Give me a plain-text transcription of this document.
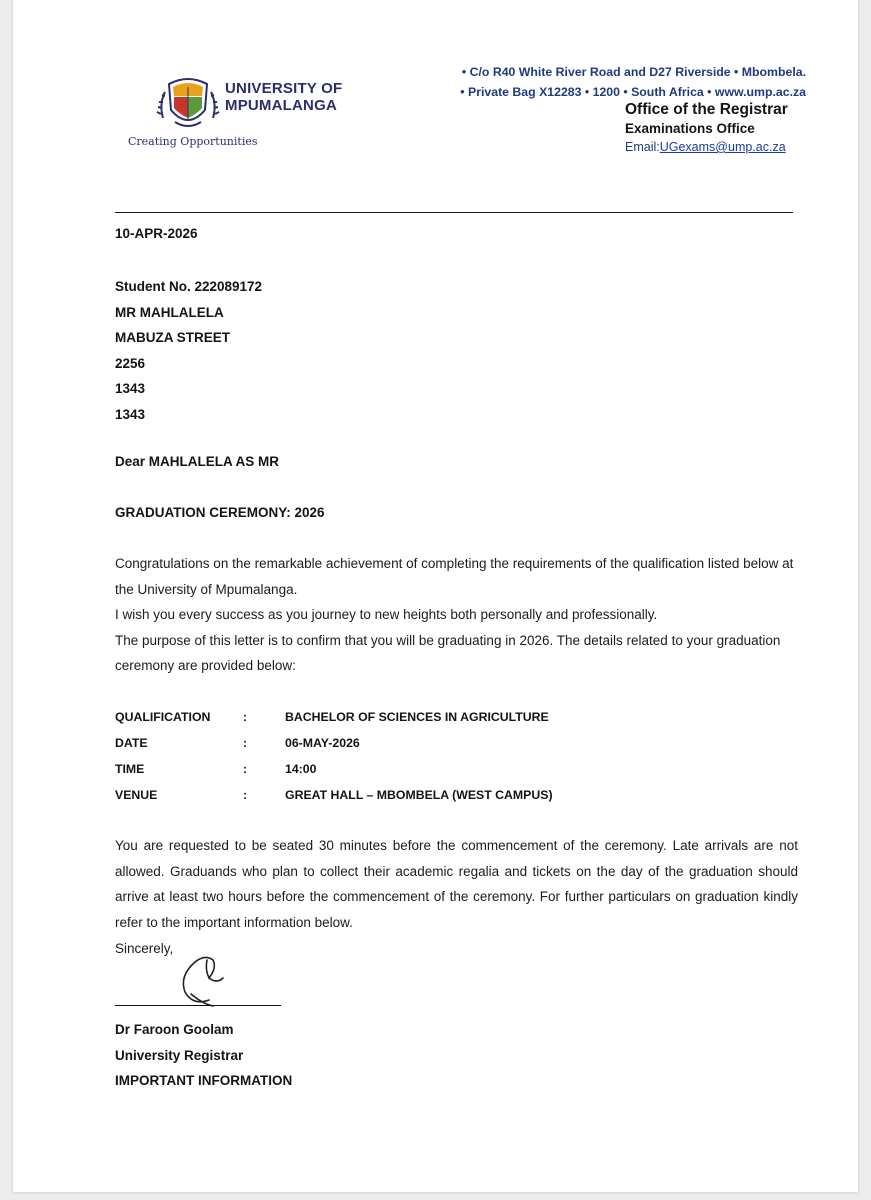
UNIVERSITY OF
MPUMALANGA
Creating Opportunities
• C/o R40 White River Road and D27 Riverside • Mbombela.
• Private Bag X12283 • 1200 • South Africa • www.ump.ac.za
Office of the Registrar
Examinations Office
Email:UGexams@ump.ac.za
10-APR-2026
Student No. 222089172
MR MAHLALELA
MABUZA STREET
2256
1343
1343
Dear MAHLALELA AS MR
GRADUATION CEREMONY: 2026
Congratulations on the remarkable achievement of completing the requirements of the qualification listed below at the University of Mpumalanga.
I wish you every success as you journey to new heights both personally and professionally.
The purpose of this letter is to confirm that you will be graduating in 2026. The details related to your graduation ceremony are provided below:
QUALIFICATION	:	BACHELOR OF SCIENCES IN AGRICULTURE
DATE	:	06-MAY-2026
TIME	:	14:00
VENUE	:	GREAT HALL – MBOMBELA (WEST CAMPUS)
You are requested to be seated 30 minutes before the commencement of the ceremony. Late arrivals are not allowed. Graduands who plan to collect their academic regalia and tickets on the day of the graduation should arrive at least two hours before the commencement of the ceremony. For further particulars on graduation kindly refer to the important information below.
Sincerely,
Dr Faroon Goolam
University Registrar
IMPORTANT INFORMATION
